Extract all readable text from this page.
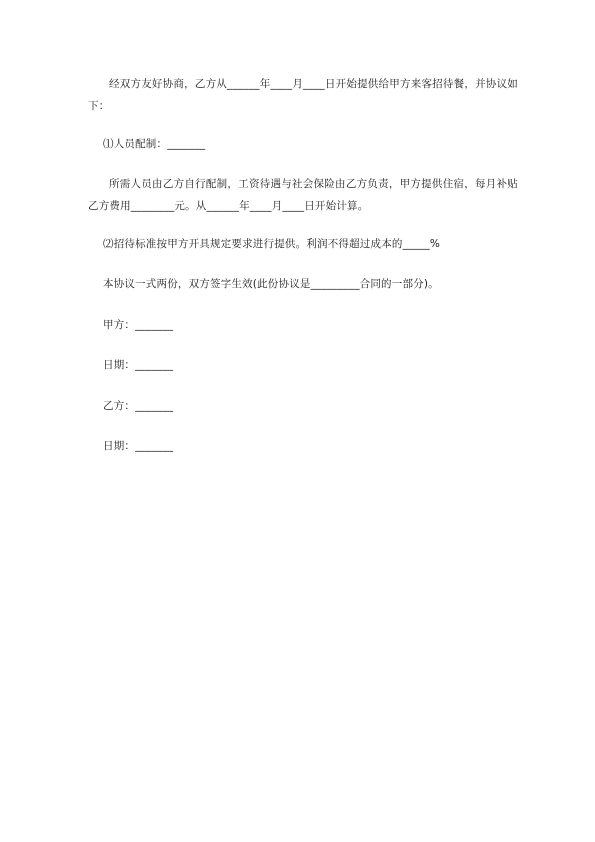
经双方友好协商，乙方从______年____月____日开始提供给甲方来客招待餐，并协议如下：
⑴人员配制：_______
所需人员由乙方自行配制，工资待遇与社会保险由乙方负责，甲方提供住宿，每月补贴乙方费用________元。从______年____月____日开始计算。
⑵招待标准按甲方开具规定要求进行提供。利润不得超过成本的_____%
本协议一式两份，双方签字生效(此份协议是_________合同的一部分)。
甲方：_______
日期：_______
乙方：_______
日期：_______
